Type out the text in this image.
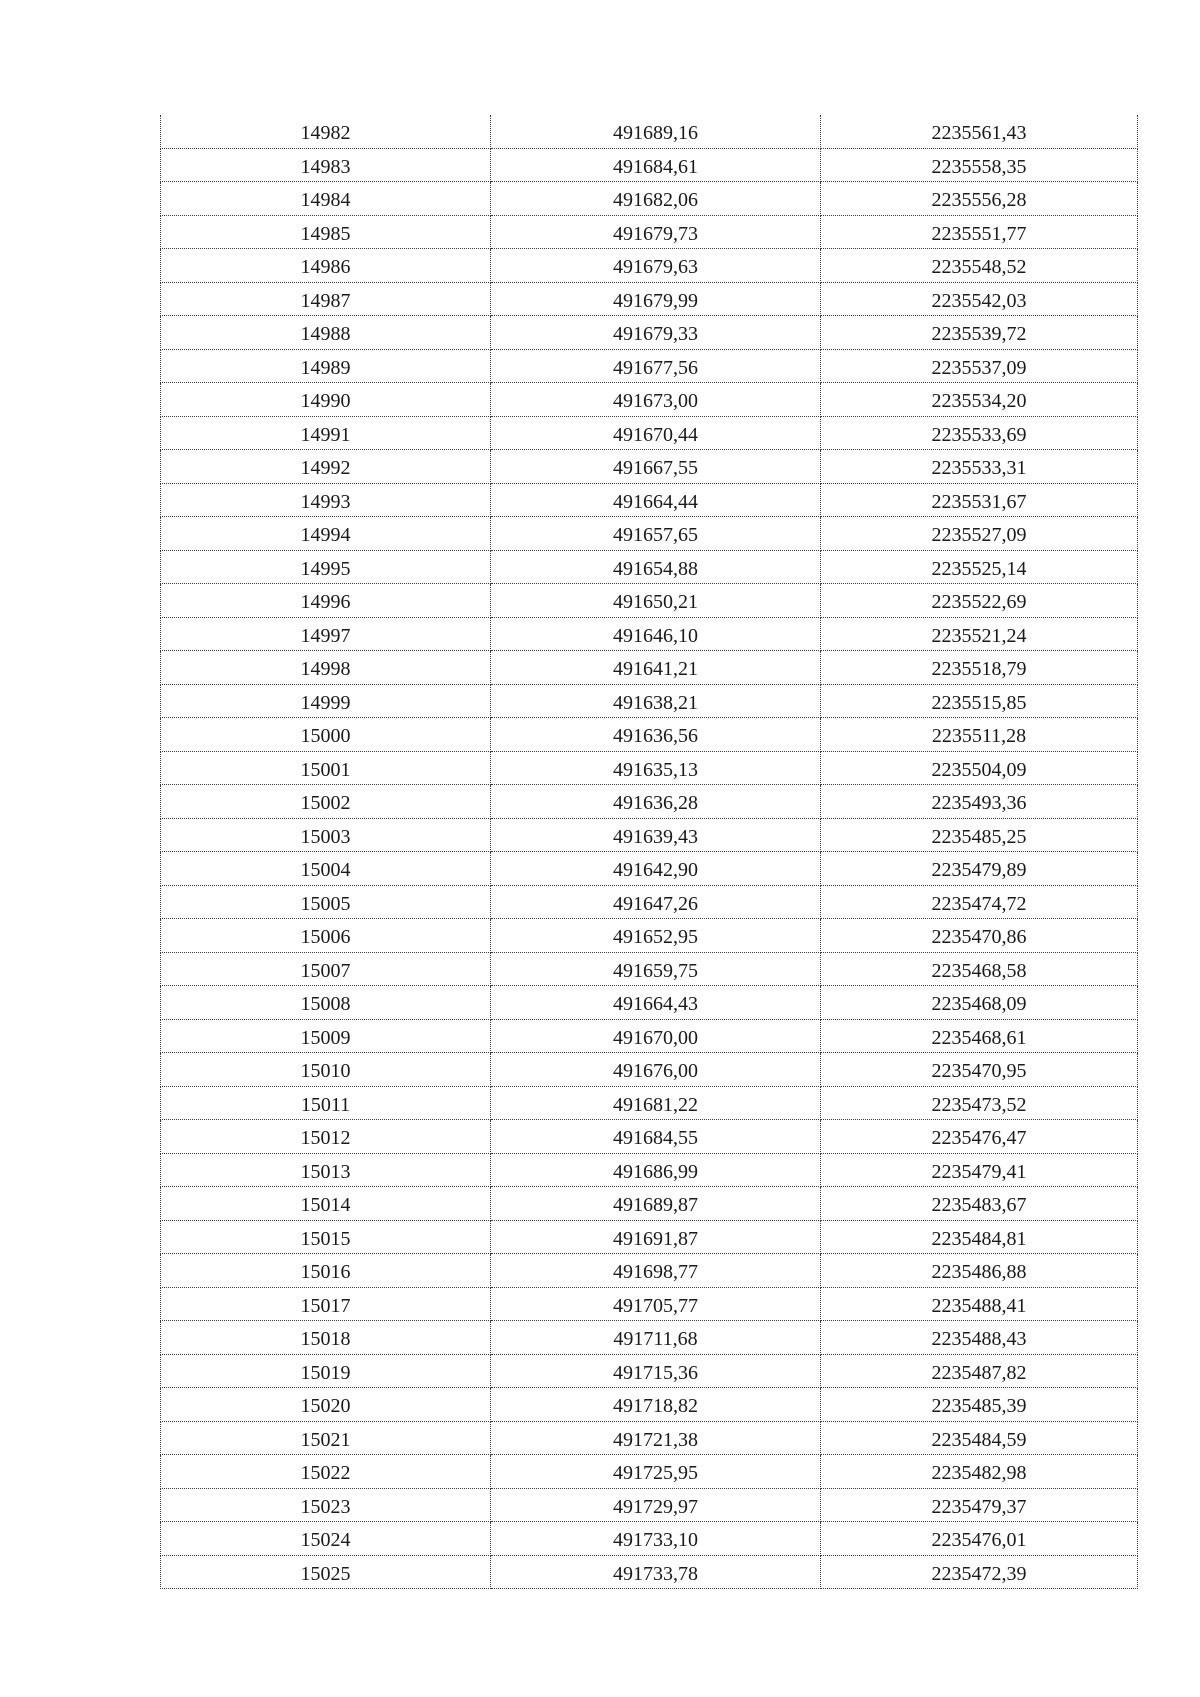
14982	491689,16	2235561,43
14983	491684,61	2235558,35
14984	491682,06	2235556,28
14985	491679,73	2235551,77
14986	491679,63	2235548,52
14987	491679,99	2235542,03
14988	491679,33	2235539,72
14989	491677,56	2235537,09
14990	491673,00	2235534,20
14991	491670,44	2235533,69
14992	491667,55	2235533,31
14993	491664,44	2235531,67
14994	491657,65	2235527,09
14995	491654,88	2235525,14
14996	491650,21	2235522,69
14997	491646,10	2235521,24
14998	491641,21	2235518,79
14999	491638,21	2235515,85
15000	491636,56	2235511,28
15001	491635,13	2235504,09
15002	491636,28	2235493,36
15003	491639,43	2235485,25
15004	491642,90	2235479,89
15005	491647,26	2235474,72
15006	491652,95	2235470,86
15007	491659,75	2235468,58
15008	491664,43	2235468,09
15009	491670,00	2235468,61
15010	491676,00	2235470,95
15011	491681,22	2235473,52
15012	491684,55	2235476,47
15013	491686,99	2235479,41
15014	491689,87	2235483,67
15015	491691,87	2235484,81
15016	491698,77	2235486,88
15017	491705,77	2235488,41
15018	491711,68	2235488,43
15019	491715,36	2235487,82
15020	491718,82	2235485,39
15021	491721,38	2235484,59
15022	491725,95	2235482,98
15023	491729,97	2235479,37
15024	491733,10	2235476,01
15025	491733,78	2235472,39
